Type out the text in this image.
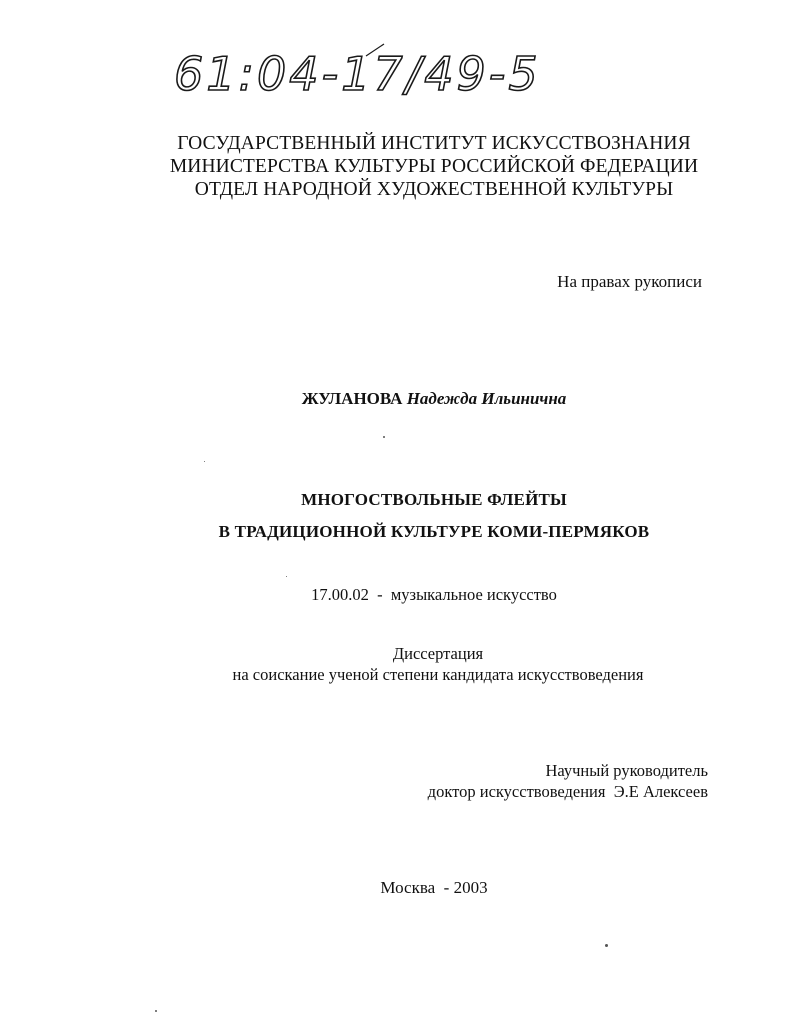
61:04-17/49-5
ГОСУДАРСТВЕННЫЙ ИНСТИТУТ ИСКУССТВОЗНАНИЯ
МИНИСТЕРСТВА КУЛЬТУРЫ РОССИЙСКОЙ ФЕДЕРАЦИИ
ОТДЕЛ НАРОДНОЙ ХУДОЖЕСТВЕННОЙ КУЛЬТУРЫ
На правах рукописи
ЖУЛАНОВА Надежда Ильинична
МНОГОСТВОЛЬНЫЕ ФЛЕЙТЫ
В ТРАДИЦИОННОЙ КУЛЬТУРЕ КОМИ-ПЕРМЯКОВ
17.00.02  -  музыкальное искусство
Диссертация
на соискание ученой степени кандидата искусствоведения
Научный руководитель
доктор искусствоведения  Э.Е Алексеев
Москва  - 2003
